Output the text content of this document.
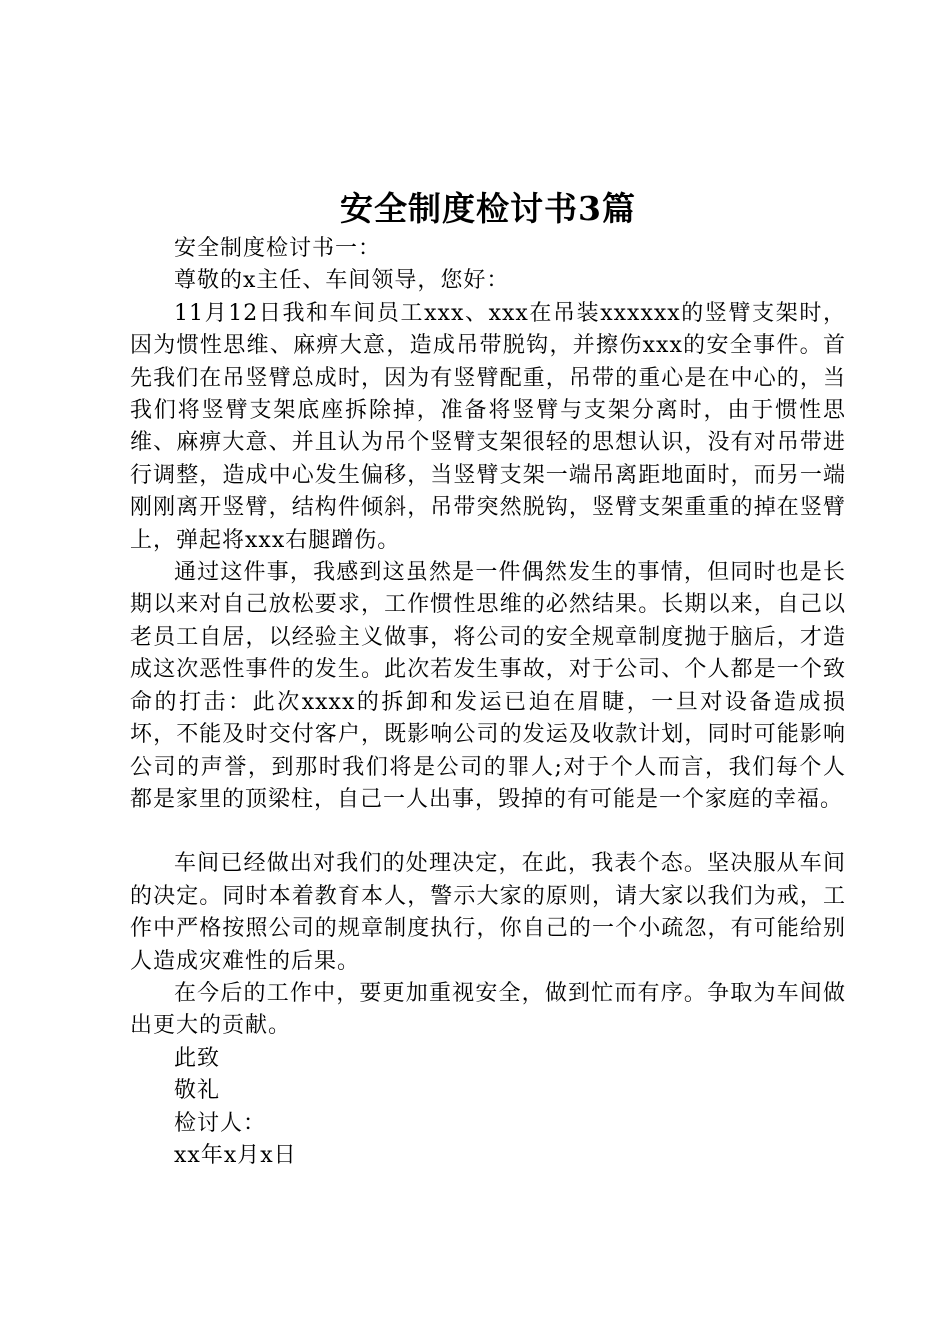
安全制度检讨书3篇

安全制度检讨书一：

尊敬的x主任、车间领导，您好：

11月12日我和车间员工xxx、xxx在吊装xxxxxx的竖臂支架时，因为惯性思维、麻痹大意，造成吊带脱钩，并擦伤xxx的安全事件。首先我们在吊竖臂总成时，因为有竖臂配重，吊带的重心是在中心的，当我们将竖臂支架底座拆除掉，准备将竖臂与支架分离时，由于惯性思维、麻痹大意、并且认为吊个竖臂支架很轻的思想认识，没有对吊带进行调整，造成中心发生偏移，当竖臂支架一端吊离距地面时，而另一端刚刚离开竖臂，结构件倾斜，吊带突然脱钩，竖臂支架重重的掉在竖臂上，弹起将xxx右腿蹭伤。

通过这件事，我感到这虽然是一件偶然发生的事情，但同时也是长期以来对自己放松要求，工作惯性思维的必然结果。长期以来，自己以老员工自居，以经验主义做事，将公司的安全规章制度抛于脑后，才造成这次恶性事件的发生。此次若发生事故，对于公司、个人都是一个致命的打击：此次xxxx的拆卸和发运已迫在眉睫，一旦对设备造成损坏，不能及时交付客户，既影响公司的发运及收款计划，同时可能影响公司的声誉，到那时我们将是公司的罪人;对于个人而言，我们每个人都是家里的顶梁柱，自己一人出事，毁掉的有可能是一个家庭的幸福。

车间已经做出对我们的处理决定，在此，我表个态。坚决服从车间的决定。同时本着教育本人，警示大家的原则，请大家以我们为戒，工作中严格按照公司的规章制度执行，你自己的一个小疏忽，有可能给别人造成灾难性的后果。

在今后的工作中，要更加重视安全，做到忙而有序。争取为车间做出更大的贡献。

此致

敬礼

检讨人：

xx年x月x日
